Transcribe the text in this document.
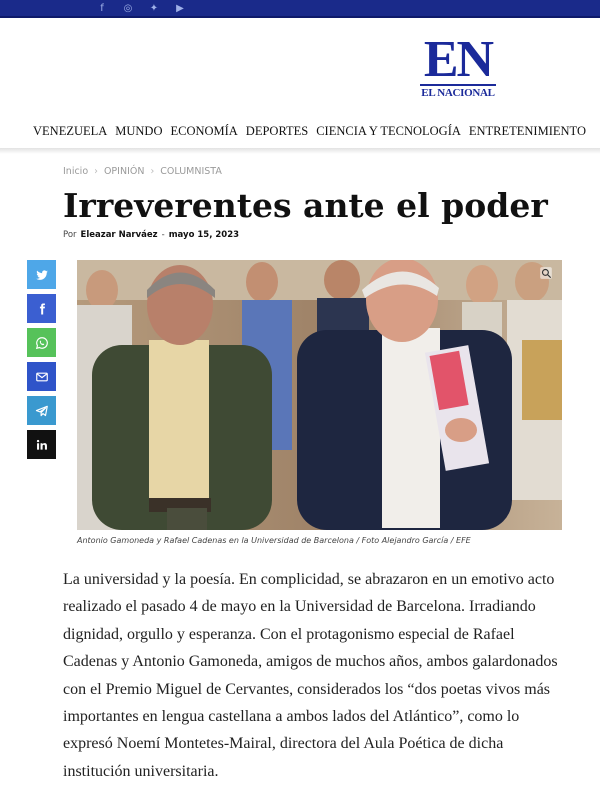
f	◎ ✦ ▶
EN
EL NACIONAL
VENEZUELA MUNDO ECONOMÍA DEPORTES CIENCIA Y TECNOLOGÍA ENTRETENIMIENTO
Inicio › OPINIÓN › COLUMNISTA
Irreverentes ante el poder
Por Eleazar Narváez - mayo 15, 2023
Antonio Gamoneda y Rafael Cadenas en la Universidad de Barcelona / Foto Alejandro García / EFE
La universidad y la poesía. En complicidad, se abrazaron en un emotivo acto
realizado el pasado 4 de mayo en la Universidad de Barcelona. Irradiando
dignidad, orgullo y esperanza. Con el protagonismo especial de Rafael
Cadenas y Antonio Gamoneda, amigos de muchos años, ambos galardonados
con el Premio Miguel de Cervantes, considerados los “dos poetas vivos más
importantes en lengua castellana a ambos lados del Atlántico”, como lo
expresó Noemí Montetes-Mairal, directora del Aula Poética de dicha
institución universitaria.
